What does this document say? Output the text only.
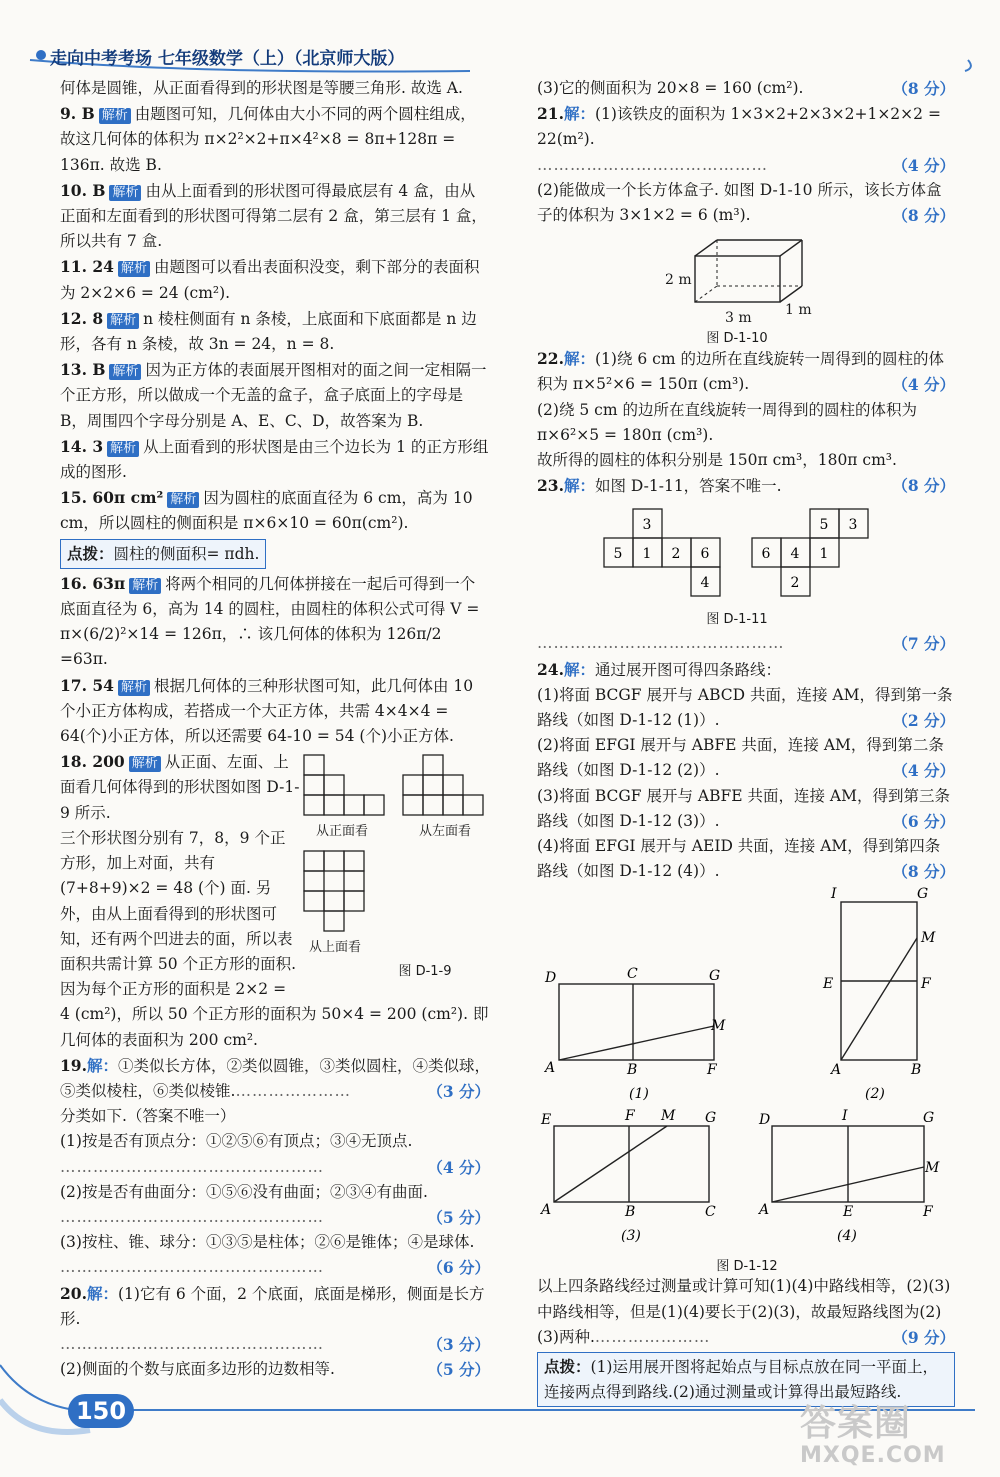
走向中考考场 七年级数学（上）（北京师大版）

何体是圆锥，从正面看得到的形状图是等腰三角形. 故选 A.

9. B 解析 由题图可知，几何体由大小不同的两个圆柱组成，故这几何体的体积为 π×2²×2+π×4²×8 = 8π+128π = 136π. 故选 B.

10. B 解析 由从上面看到的形状图可得最底层有 4 盒，由从正面和左面看到的形状图可得第二层有 2 盒，第三层有 1 盒，所以共有 7 盒.

11. 24 解析 由题图可以看出表面积没变，剩下部分的表面积为 2×2×6 = 24 (cm²).

12. 8 解析 n 棱柱侧面有 n 条棱，上底面和下底面都是 n 边形，各有 n 条棱，故 3n = 24，n = 8.

13. B 解析 因为正方体的表面展开图相对的面之间一定相隔一个正方形，所以做成一个无盖的盒子，盒子底面上的字母是 B，周围四个字母分别是 A、E、C、D，故答案为 B.

14. 3 解析 从上面看到的形状图是由三个边长为 1 的正方形组成的图形.

15. 60π cm² 解析 因为圆柱的底面直径为 6 cm，高为 10 cm，所以圆柱的侧面积是 π×6×10 = 60π(cm²).

点拨：圆柱的侧面积= πdh.

16. 63π 解析 将两个相同的几何体拼接在一起后可得到一个底面直径为 6，高为 14 的圆柱，由圆柱的体积公式可得 V = π×(6/2)²×14 = 126π，∴ 该几何体的体积为 126π/2 =63π.

17. 54 解析 根据几何体的三种形状图可知，此几何体由 10 个小正方体构成，若搭成一个大正方体，共需 4×4×4 = 64(个)小正方体，所以还需要 64-10 = 54 (个)小正方体.

从正面看	从左面看
从上面看
图 D-1-9

18. 200 解析 从正面、左面、上面看几何体得到的形状图如图 D-1-9 所示.

三个形状图分别有 7，8，9 个正方形，加上对面，共有 (7+8+9)×2 = 48 (个) 面. 另外，由从上面看得到的形状图可知，还有两个凹进去的面，所以表面积共需计算 50 个正方形的面积. 因为每个正方形的面积是 2×2 = 4 (cm²)，所以 50 个正方形的面积为 50×4 = 200 (cm²). 即几何体的表面积为 200 cm².

19.解：①类似长方体，②类似圆锥，③类似圆柱，④类似球，⑤类似棱柱，⑥类似棱锥.…………………	（3 分）

分类如下.（答案不唯一）

(1)按是否有顶点分：①②⑤⑥有顶点；③④无顶点.
…………………………………………	（4 分）

(2)按是否有曲面分：①⑤⑥没有曲面；②③④有曲面.
…………………………………………	（5 分）

(3)按柱、锥、球分：①③⑤是柱体；②⑥是锥体；④是球体.
…………………………………………	（6 分）

20.解：(1)它有 6 个面，2 个底面，底面是梯形，侧面是长方形.
…………………………………………	（3 分）

(2)侧面的个数与底面多边形的边数相等.	（5 分）

(3)它的侧面积为 20×8 = 160 (cm²).	（8 分）

21.解：(1)该铁皮的面积为 1×3×2+2×3×2+1×2×2 = 22(m²).
……………………………………	（4 分）

(2)能做成一个长方体盒子. 如图 D-1-10 所示，该长方体盒子的体积为 3×1×2 = 6 (m³).	（8 分）

2 m
3 m 1 m
图 D-1-10

22.解：(1)绕 6 cm 的边所在直线旋转一周得到的圆柱的体积为 π×5²×6 = 150π (cm³).	（4 分）

(2)绕 5 cm 的边所在直线旋转一周得到的圆柱的体积为 π×6²×5 = 180π (cm³).

故所得的圆柱的体积分别是 150π cm³，180π cm³.
（8 分）

23.解：如图 D-1-11，答案不唯一.

3
5 1 2 6
4
5 3
6 4 1
2
图 D-1-11

………………………………………	（7 分）

24.解：通过展开图可得四条路线：

(1)将面 BCGF 展开与 ABCD 共面，连接 AM，得到第一条路线（如图 D-1-12 (1)）.	（2 分）

(2)将面 EFGI 展开与 ABFE 共面，连接 AM，得到第二条路线（如图 D-1-12 (2)）.	（4 分）

(3)将面 BCGF 展开与 ABFE 共面，连接 AM，得到第三条路线（如图 D-1-12 (3)）.	（6 分）

(4)将面 EFGI 展开与 AEID 共面，连接 AM，得到第四条路线（如图 D-1-12 (4)）.	（8 分）

D	C	G
M
A	B	F
(1)
I	G
M
E	F
A	B
(2)
E	F M G
A	B	C
(3)
D	I	G
M
A	E	F
(4)
图 D-1-12

以上四条路线经过测量或计算可知(1)(4)中路线相等，(2)(3)中路线相等，但是(1)(4)要长于(2)(3)，故最短路线图为(2)(3)两种.…………………	（9 分）

点拨：(1)运用展开图将起始点与目标点放在同一平面上，连接两点得到路线.(2)通过测量或计算得出最短路线.
150	答案圈
MXQE.COM
